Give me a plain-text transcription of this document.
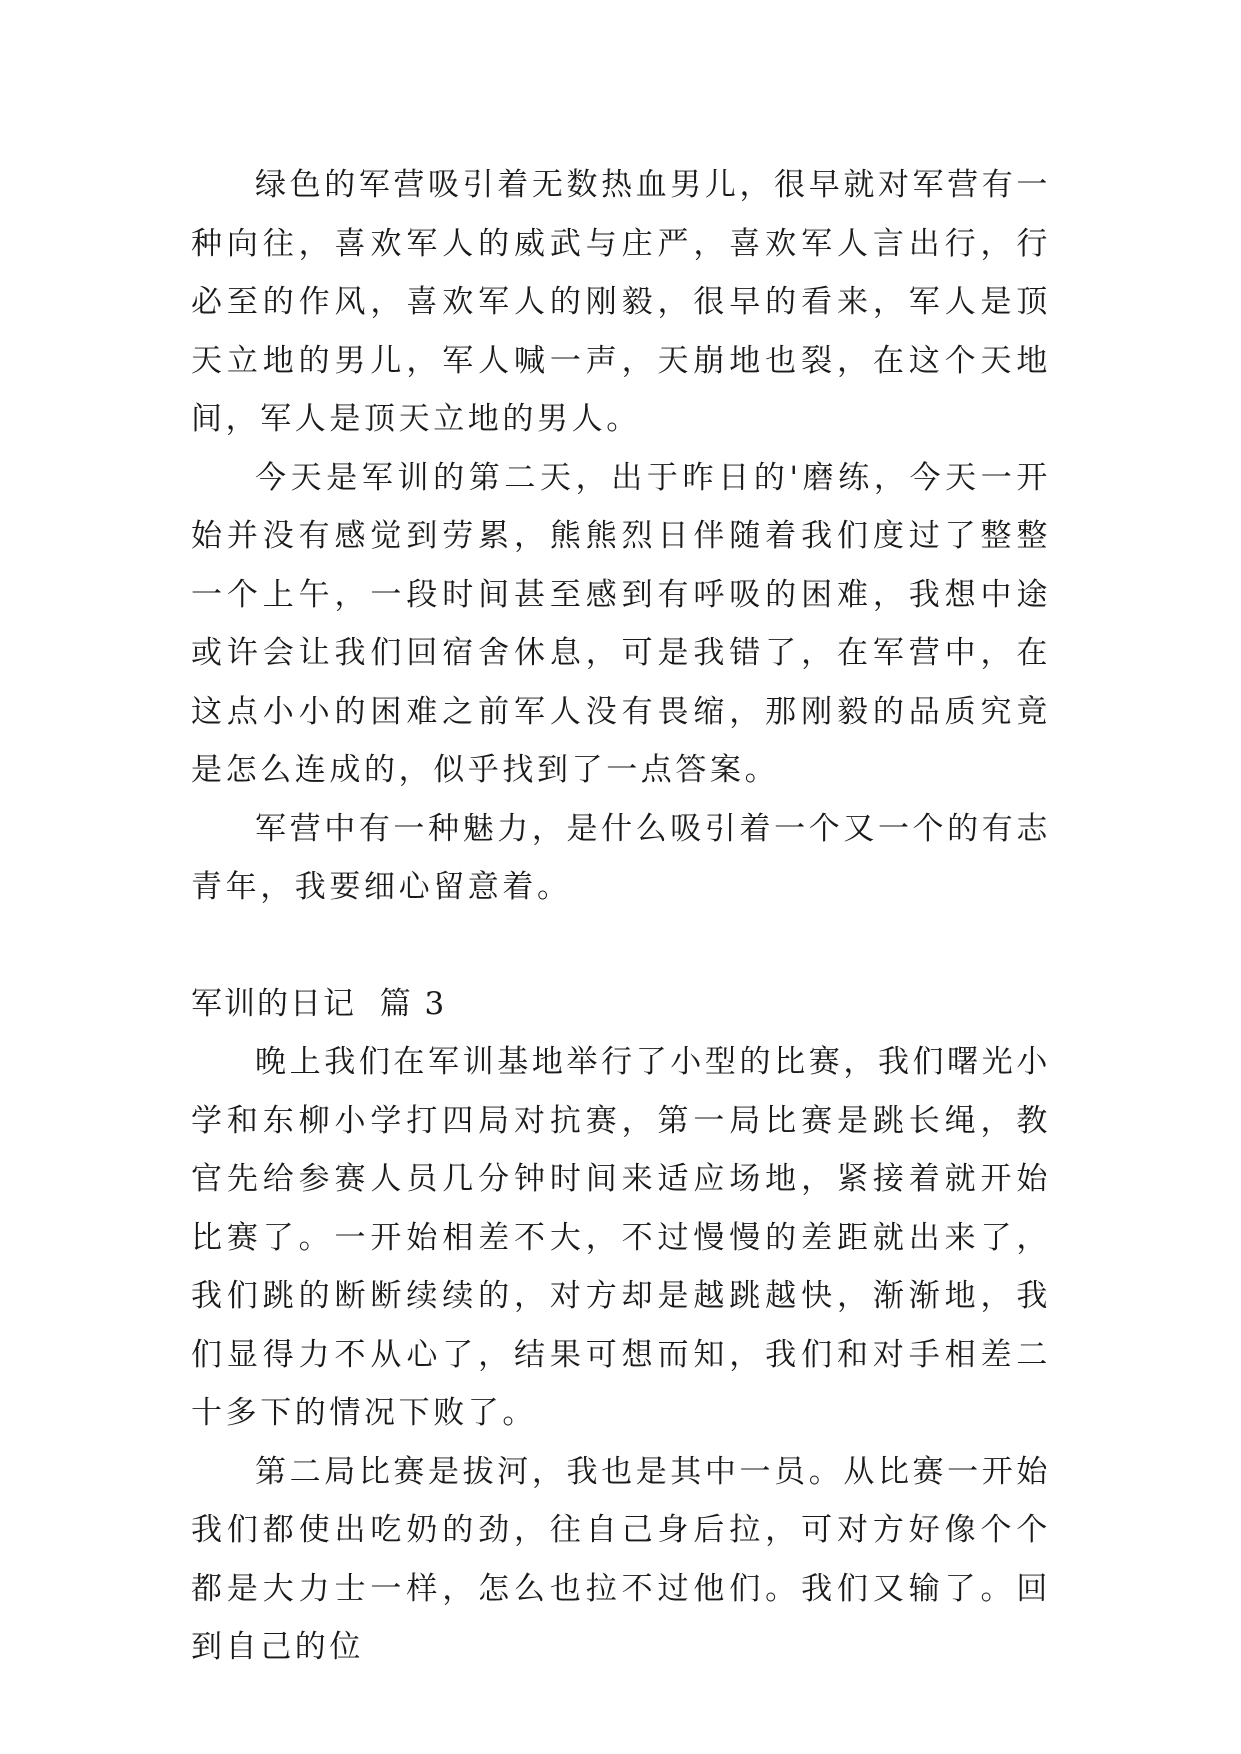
绿色的军营吸引着无数热血男儿，很早就对军营有一种向往，喜欢军人的威武与庄严，喜欢军人言出行，行必至的作风，喜欢军人的刚毅，很早的看来，军人是顶天立地的男儿，军人喊一声，天崩地也裂，在这个天地间，军人是顶天立地的男人。

今天是军训的第二天，出于昨日的'磨练，今天一开始并没有感觉到劳累，熊熊烈日伴随着我们度过了整整一个上午，一段时间甚至感到有呼吸的困难，我想中途或许会让我们回宿舍休息，可是我错了，在军营中，在这点小小的困难之前军人没有畏缩，那刚毅的品质究竟是怎么连成的，似乎找到了一点答案。

军营中有一种魅力，是什么吸引着一个又一个的有志青年，我要细心留意着。

军训的日记  篇 3

晚上我们在军训基地举行了小型的比赛，我们曙光小学和东柳小学打四局对抗赛，第一局比赛是跳长绳，教官先给参赛人员几分钟时间来适应场地，紧接着就开始比赛了。一开始相差不大，不过慢慢的差距就出来了，我们跳的断断续续的，对方却是越跳越快，渐渐地，我们显得力不从心了，结果可想而知，我们和对手相差二十多下的情况下败了。

第二局比赛是拔河，我也是其中一员。从比赛一开始我们都使出吃奶的劲，往自己身后拉，可对方好像个个都是大力士一样，怎么也拉不过他们。我们又输了。回到自己的位
